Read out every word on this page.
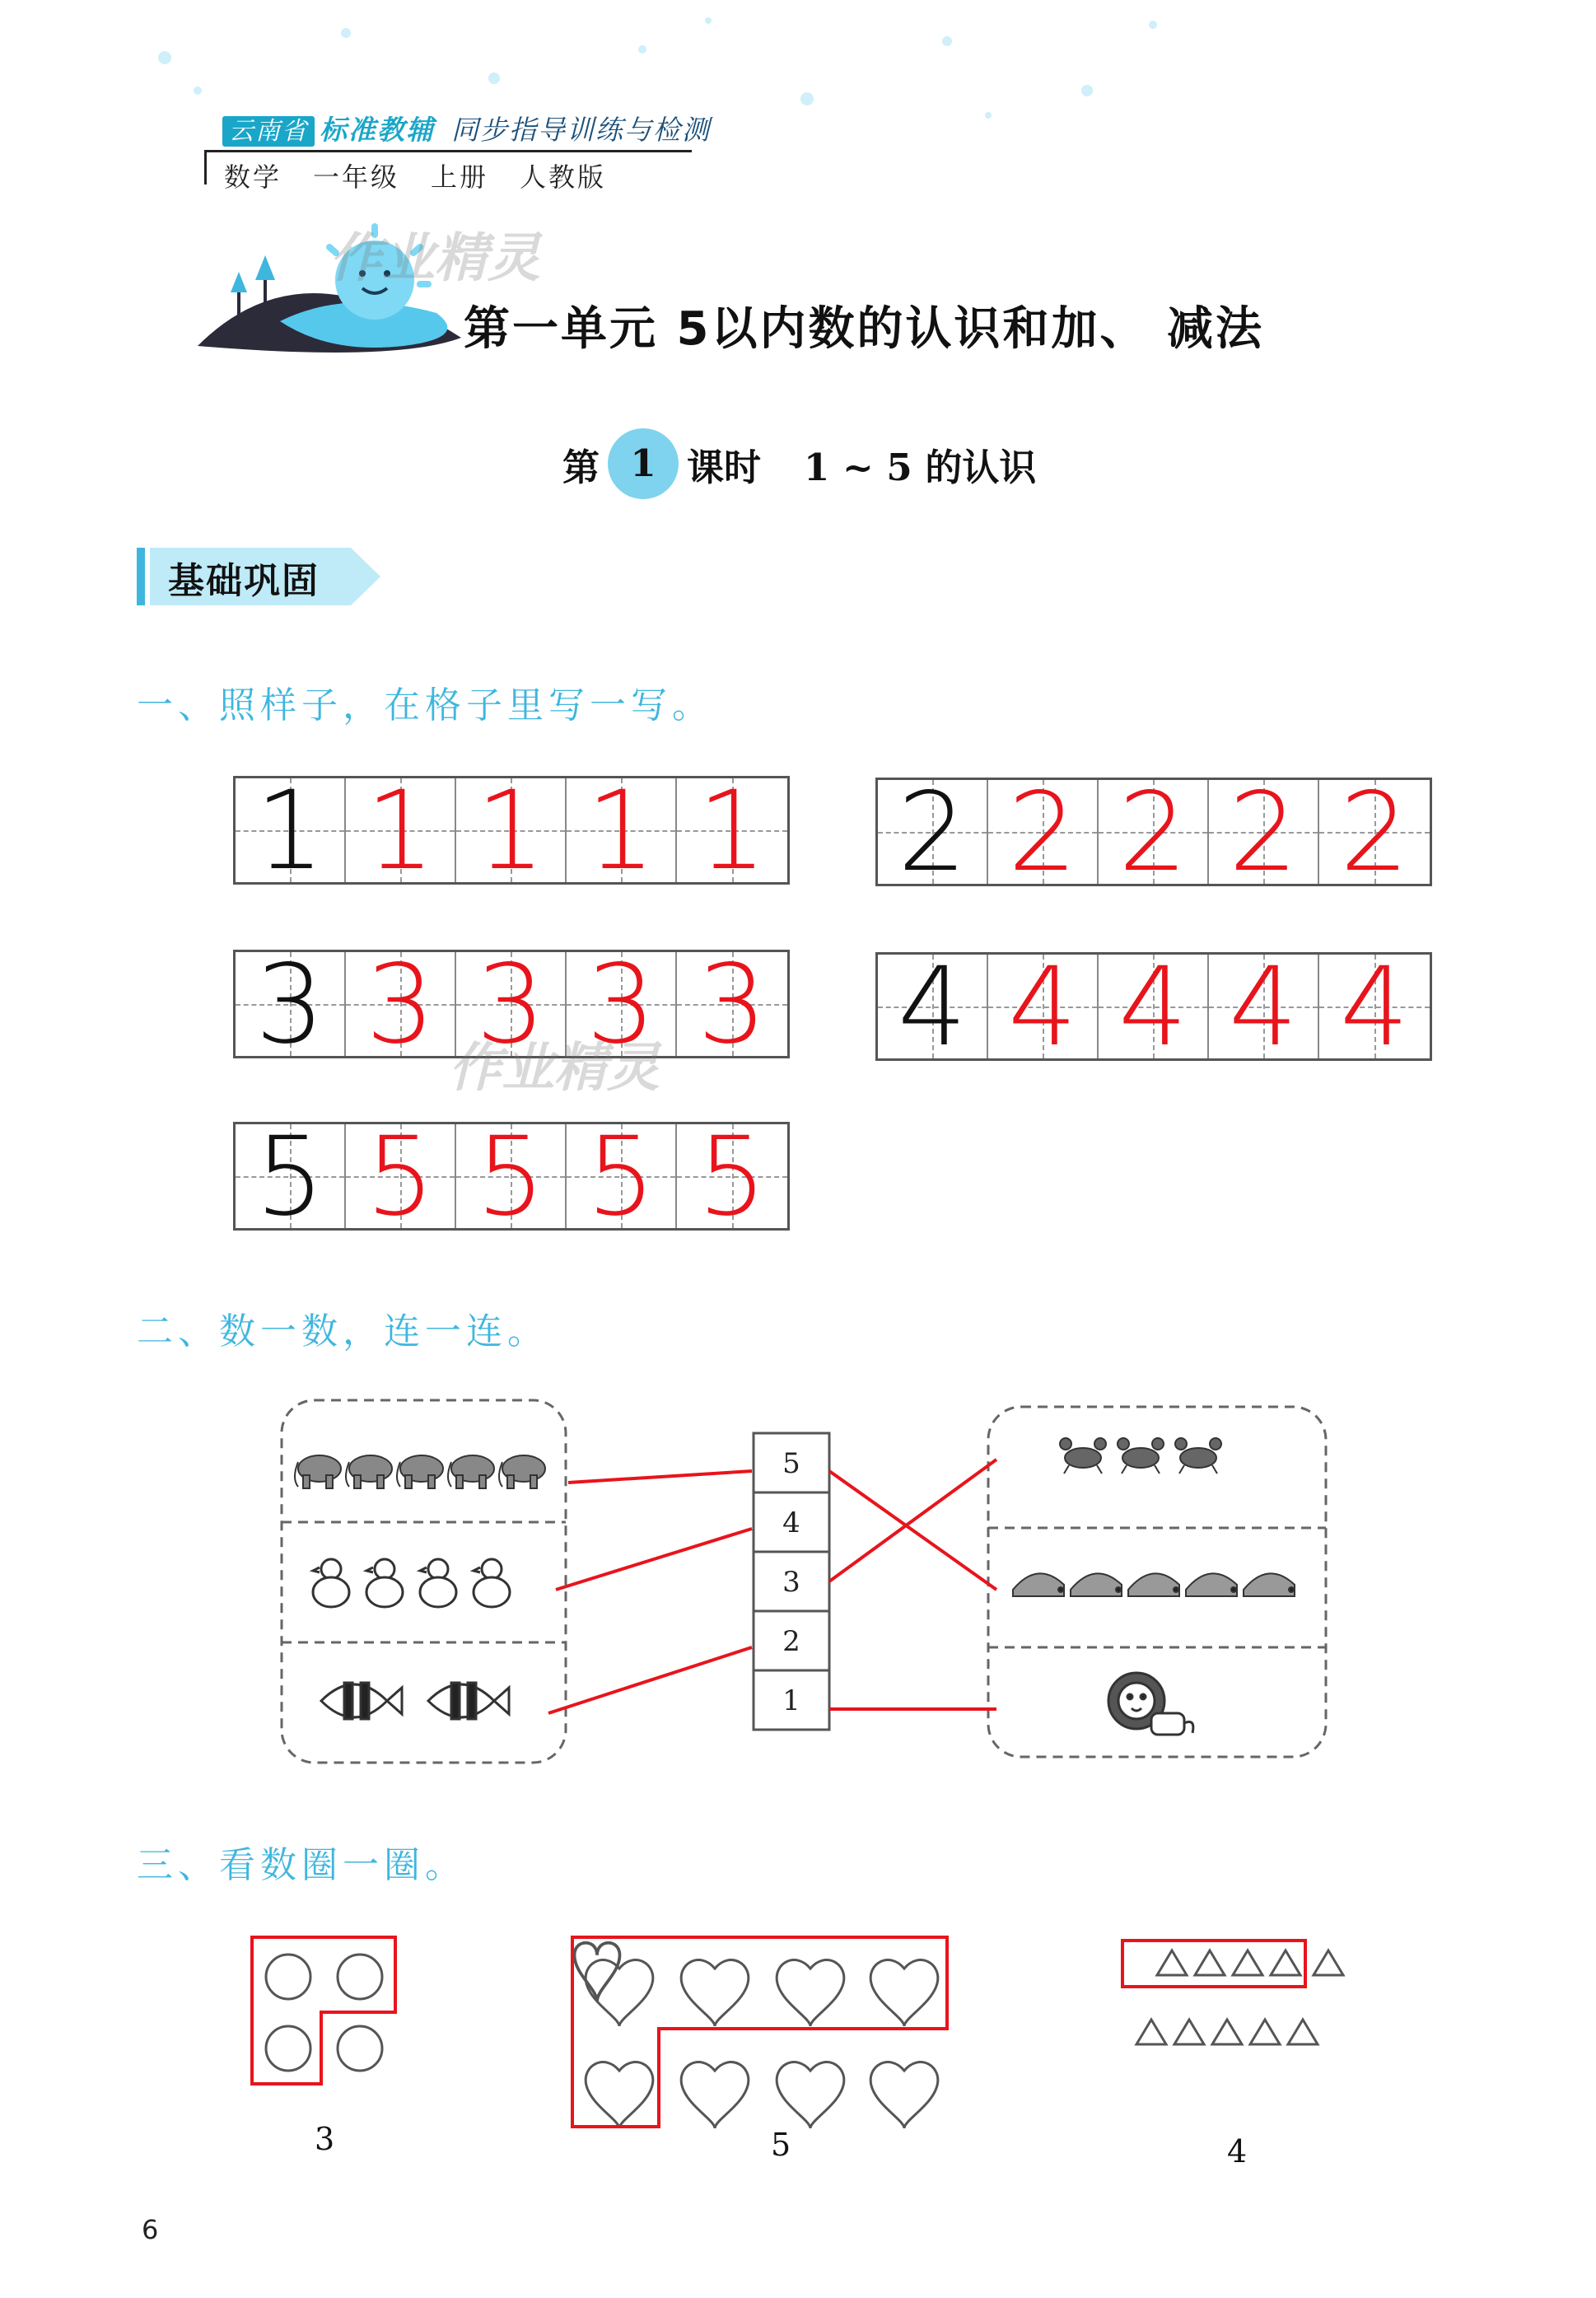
云南省 标准教辅 同步指导训练与检测
数学 一年级 上册 人教版
作业精灵
第一单元 5以内数的认识和加、 减法
第 1 课时 1 ~ 5 的认识
基础巩固
一、照样子，在格子里写一写。
1 1 1 1 1 2 2 2 2 2
3 3 3 3 3 4 4 4 4 4
5 5 5 5 5
作业精灵
二、数一数，连一连。
5
4
3
2
1
三、看数圈一圈。
3	5	4
6
